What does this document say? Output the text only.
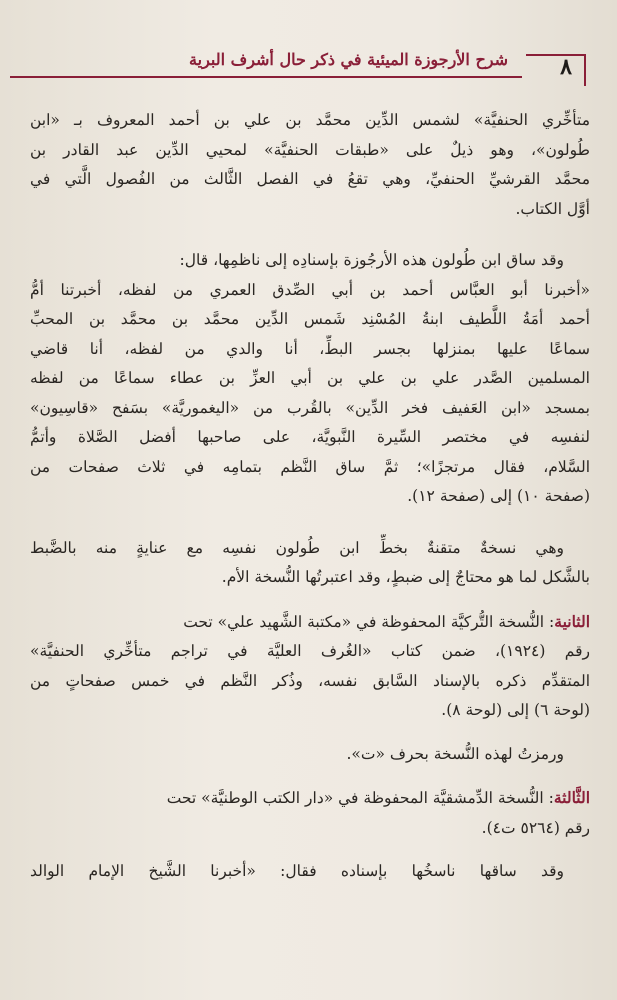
شرح الأرجوزة الميئية في ذكر حال أشرف البرية ٨
متأخِّري الحنفيَّة» لشمس الدِّين محمَّد بن علي بن أحمد المعروف بـ «ابن
طُولون»، وهو ذيلٌ على «طبقات الحنفيَّة» لمحيي الدِّين عبد القادر بن
محمَّد القرشيِّ الحنفيِّ، وهي تقعُ في الفصل الثَّالث من الفُصول الَّتي في
أوَّل الكتاب.
وقد ساق ابن طُولون هذه الأرجُوزة بإسنادِه إلى ناظمِها، قال:
«أخبرنا أبو العبَّاس أحمد بن أبي الصِّدق العمري من لفظه، أخبرتنا أمُّ
أحمد أمَةُ اللَّطيف ابنةُ المُسْنِد شَمس الدِّين محمَّد بن محمَّد بن المحبِّ
سماعًا عليها بمنزلها بجسر البطِّ، أنا والدي من لفظه، أنا قاضي
المسلمين الصَّدر علي بن علي بن أبي العزِّ بن عطاء سماعًا من لفظه
بمسجد «ابن العَفيف فخر الدِّين» بالقُرب من «اليغموريَّة» بسَفح «قاسِيون»
لنفسِه في مختصر السِّيرة النَّبويَّة، على صاحبها أفضل الصَّلاة وأتمُّ
السَّلام، فقال مرتجزًا»؛ ثمَّ ساق النَّظم بتمامِه في ثلاث صفحات من
(صفحة ١٠) إلى (صفحة ١٢).
وهي نسخةٌ متقنةٌ بخطِّ ابن طُولون نفسِه مع عنايةٍ منه بالضَّبط
بالشَّكل لما هو محتاجٌ إلى ضبطٍ، وقد اعتبرتُها النُّسخة الأم.
الثانية: النُّسخة التُّركيَّة المحفوظة في «مكتبة الشَّهيد علي» تحت
رقم (١٩٢٤)، ضمن كتاب «الغُرف العليَّة في تراجم متأخِّري الحنفيَّة»
المتقدِّم ذكره بالإسناد السَّابق نفسه، وذُكر النَّظم في خمس صفحاتٍ من
(لوحة ٦) إلى (لوحة ٨).
ورمزتُ لهذه النُّسخة بحرف «ت».
الثَّالثة: النُّسخة الدِّمشقيَّة المحفوظة في «دار الكتب الوطنيَّة» تحت
رقم (٥٢٦٤ ت٤).
وقد ساقها ناسخُها بإسناده فقال: «أخبرنا الشَّيخ الإمام الوالد
